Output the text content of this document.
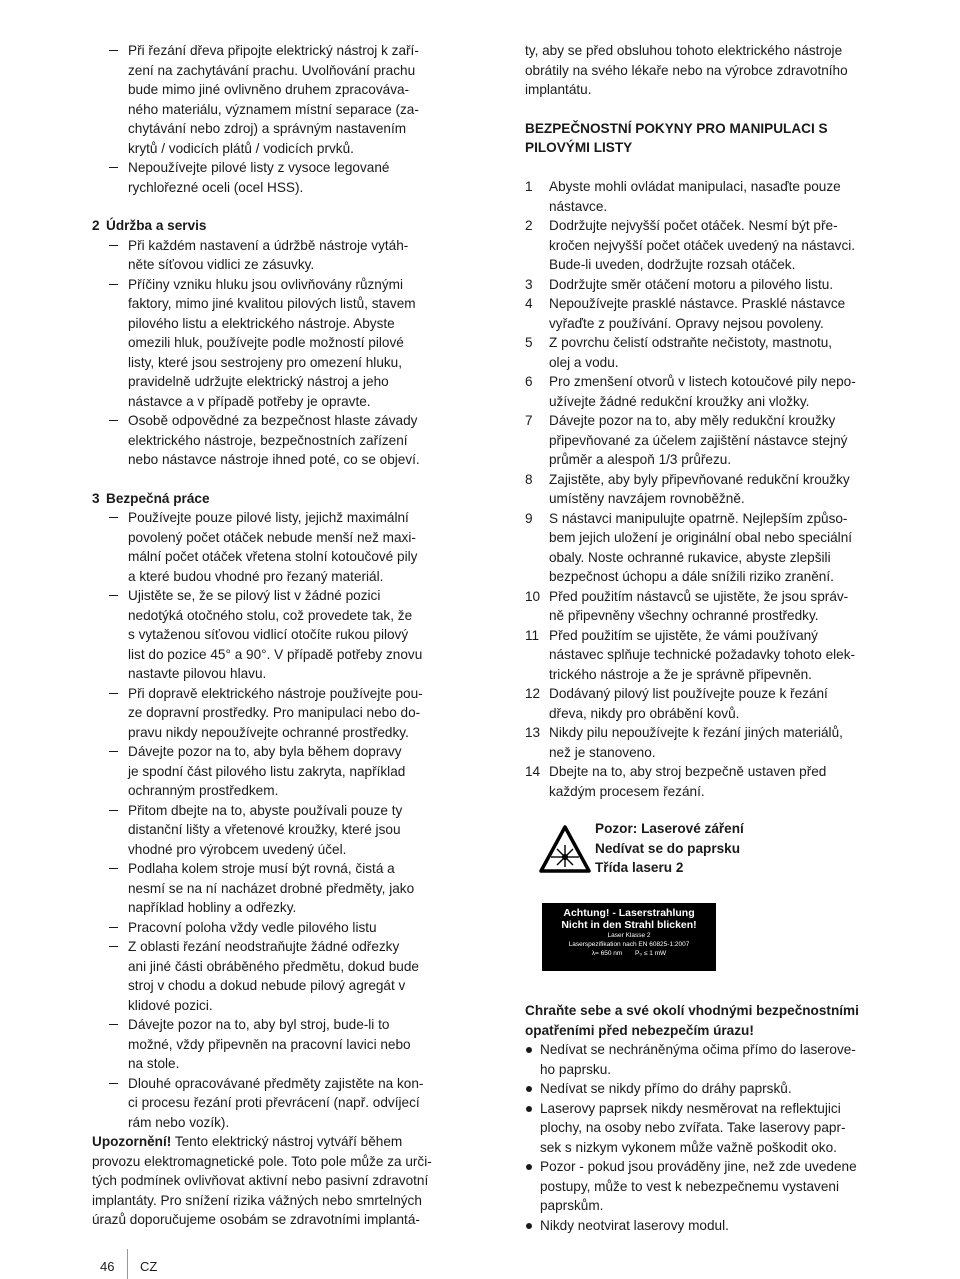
Při řezání dřeva připojte elektrický nástroj k zaří-
zení na zachytávání prachu. Uvolňování prachu
bude mimo jiné ovlivněno druhem zpracováva-
ného materiálu, významem místní separace (za-
chytávání nebo zdroj) a správným nastavením
krytů / vodicích plátů / vodicích prvků.
Nepoužívejte pilové listy z vysoce legované
rychlořezné oceli (ocel HSS).
2 Údržba a servis
Při každém nastavení a údržbě nástroje vytáh-
něte síťovou vidlici ze zásuvky.
Příčiny vzniku hluku jsou ovlivňovány různými
faktory, mimo jiné kvalitou pilových listů, stavem
pilového listu a elektrického nástroje. Abyste
omezili hluk, používejte podle možností pilové
listy, které jsou sestrojeny pro omezení hluku,
pravidelně udržujte elektrický nástroj a jeho
nástavce a v případě potřeby je opravte.
Osobě odpovědné za bezpečnost hlaste závady
elektrického nástroje, bezpečnostních zařízení
nebo nástavce nástroje ihned poté, co se objeví.
3 Bezpečná práce
Používejte pouze pilové listy, jejichž maximální
povolený počet otáček nebude menší než maxi-
mální počet otáček vřetena stolní kotoučové pily
a které budou vhodné pro řezaný materiál.
Ujistěte se, že se pilový list v žádné pozici
nedotýká otočného stolu, což provedete tak, že
s vytaženou síťovou vidlicí otočíte rukou pilový
list do pozice 45° a 90°. V případě potřeby znovu
nastavte pilovou hlavu.
Při dopravě elektrického nástroje používejte pou-
ze dopravní prostředky. Pro manipulaci nebo do-
pravu nikdy nepoužívejte ochranné prostředky.
Dávejte pozor na to, aby byla během dopravy
je spodní část pilového listu zakryta, například
ochranným prostředkem.
Přitom dbejte na to, abyste používali pouze ty
distanční lišty a vřetenové kroužky, které jsou
vhodné pro výrobcem uvedený účel.
Podlaha kolem stroje musí být rovná, čistá a
nesmí se na ní nacházet drobné předměty, jako
například hobliny a odřezky.
Pracovní poloha vždy vedle pilového listu
Z oblasti řezání neodstraňujte žádné odřezky
ani jiné části obráběného předmětu, dokud bude
stroj v chodu a dokud nebude pilový agregát v
klidové pozici.
Dávejte pozor na to, aby byl stroj, bude-li to
možné, vždy připevněn na pracovní lavici nebo
na stole.
Dlouhé opracovávané předměty zajistěte na kon-
ci procesu řezání proti převrácení (např. odvíjecí
rám nebo vozík).
Upozornění! Tento elektrický nástroj vytváří během
provozu elektromagnetické pole. Toto pole může za urči-
tých podmínek ovlivňovat aktivní nebo pasivní zdravotní
implantáty. Pro snížení rizika vážných nebo smrtelných
úrazů doporučujeme osobám se zdravotními implantá-
ty, aby se před obsluhou tohoto elektrického nástroje
obrátily na svého lékaře nebo na výrobce zdravotního
implantátu.
BEZPEČNOSTNÍ POKYNY PRO MANIPULACI S
PILOVÝMI LISTY
1	Abyste mohli ovládat manipulaci, nasaďte pouze
nástavce.
2	Dodržujte nejvyšší počet otáček. Nesmí být pře-
kročen nejvyšší počet otáček uvedený na nástavci.
Bude-li uveden, dodržujte rozsah otáček.
3	Dodržujte směr otáčení motoru a pilového listu.
4	Nepoužívejte prasklé nástavce. Prasklé nástavce
vyřaďte z používání. Opravy nejsou povoleny.
5	Z povrchu čelistí odstraňte nečistoty, mastnotu,
olej a vodu.
6	Pro zmenšení otvorů v listech kotoučové pily nepo-
užívejte žádné redukční kroužky ani vložky.
7	Dávejte pozor na to, aby měly redukční kroužky
připevňované za účelem zajištění nástavce stejný
průměr a alespoň 1/3 průřezu.
8	Zajistěte, aby byly připevňované redukční kroužky
umístěny navzájem rovnoběžně.
9	S nástavci manipulujte opatrně. Nejlepším způso-
bem jejich uložení je originální obal nebo speciální
obaly. Noste ochranné rukavice, abyste zlepšili
bezpečnost úchopu a dále snížili riziko zranění.
10 Před použitím nástavců se ujistěte, že jsou správ-
ně připevněny všechny ochranné prostředky.
11 Před použitím se ujistěte, že vámi používaný
nástavec splňuje technické požadavky tohoto elek-
trického nástroje a že je správně připevněn.
12 Dodávaný pilový list používejte pouze k řezání
dřeva, nikdy pro obrábění kovů.
13 Nikdy pilu nepoužívejte k řezání jiných materiálů,
než je stanoveno.
14 Dbejte na to, aby stroj bezpečně ustaven před
každým procesem řezání.
Pozor: Laserové záření
Nedívat se do paprsku
Třída laseru 2
Achtung! - Laserstrahlung
Nicht in den Strahl blicken!
Laser Klasse 2
Laserspezifikation nach EN 60825-1:2007
λ= 650 nm P₀ ≤ 1 mW
Chraňte sebe a své okolí vhodnými bezpečnostními
opatřeními před nebezpečím úrazu!
Nedívat se nechráněnýma očima přímo do laserove-
ho paprsku.
Nedívat se nikdy přímo do dráhy paprsků.
Laserovy paprsek nikdy nesměrovat na reflektujici
plochy, na osoby nebo zvířata. Take laserovy papr-
sek s nizkym vykonem může važně poškodit oko.
Pozor - pokud jsou prováděny jine, než zde uvedene
postupy, může to vest k nebezpečnemu vystaveni
paprskům.
Nikdy neotvirat laserovy modul.
46 CZ
